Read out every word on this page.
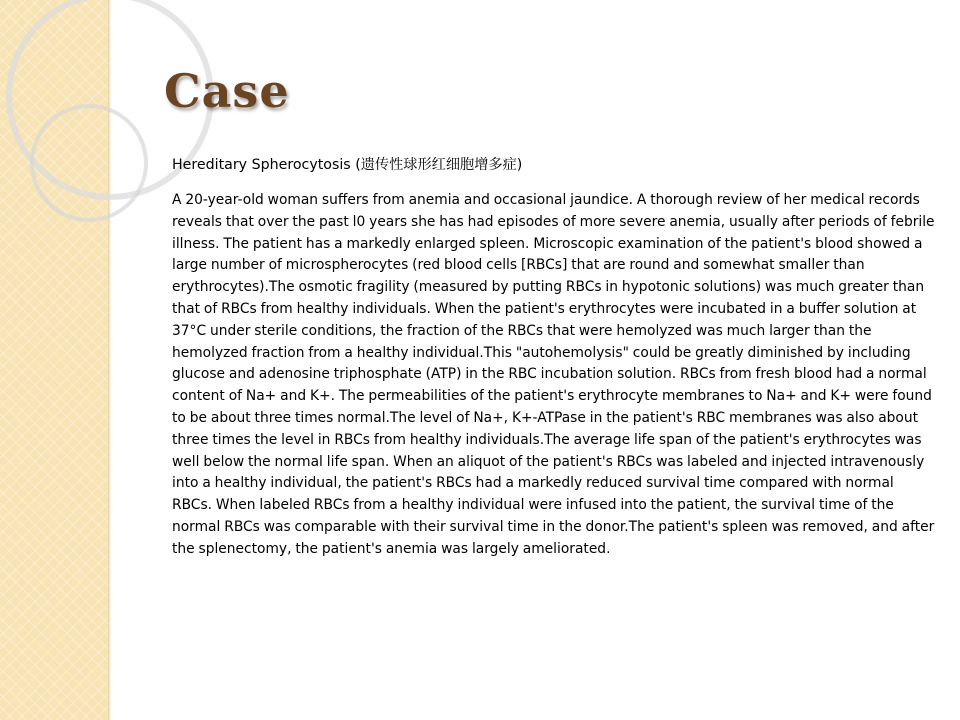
Case

Hereditary Spherocytosis (遗传性球形红细胞增多症)

A 20-year-old woman suffers from anemia and occasional jaundice. A thorough review of her medical records reveals that over the past l0 years she has had episodes of more severe anemia, usually after periods of febrile illness. The patient has a markedly enlarged spleen. Microscopic examination of the patient's blood showed a large number of microspherocytes (red blood cells [RBCs] that are round and somewhat smaller than erythrocytes).The osmotic fragility (measured by putting RBCs in hypotonic solutions) was much greater than that of RBCs from healthy individuals. When the patient's erythrocytes were incubated in a buffer solution at 37°C under sterile conditions, the fraction of the RBCs that were hemolyzed was much larger than the hemolyzed fraction from a healthy individual.This "autohemolysis" could be greatly diminished by including glucose and adenosine triphosphate (ATP) in the RBC incubation solution. RBCs from fresh blood had a normal content of Na+ and K+. The permeabilities of the patient's erythrocyte membranes to Na+ and K+ were found to be about three times normal.The level of Na+, K+-ATPase in the patient's RBC membranes was also about three times the level in RBCs from healthy individuals.The average life span of the patient's erythrocytes was well below the normal life span. When an aliquot of the patient's RBCs was labeled and injected intravenously into a healthy individual, the patient's RBCs had a markedly reduced survival time compared with normal RBCs. When labeled RBCs from a healthy individual were infused into the patient, the survival time of the normal RBCs was comparable with their survival time in the donor.The patient's spleen was removed, and after the splenectomy, the patient's anemia was largely ameliorated.
